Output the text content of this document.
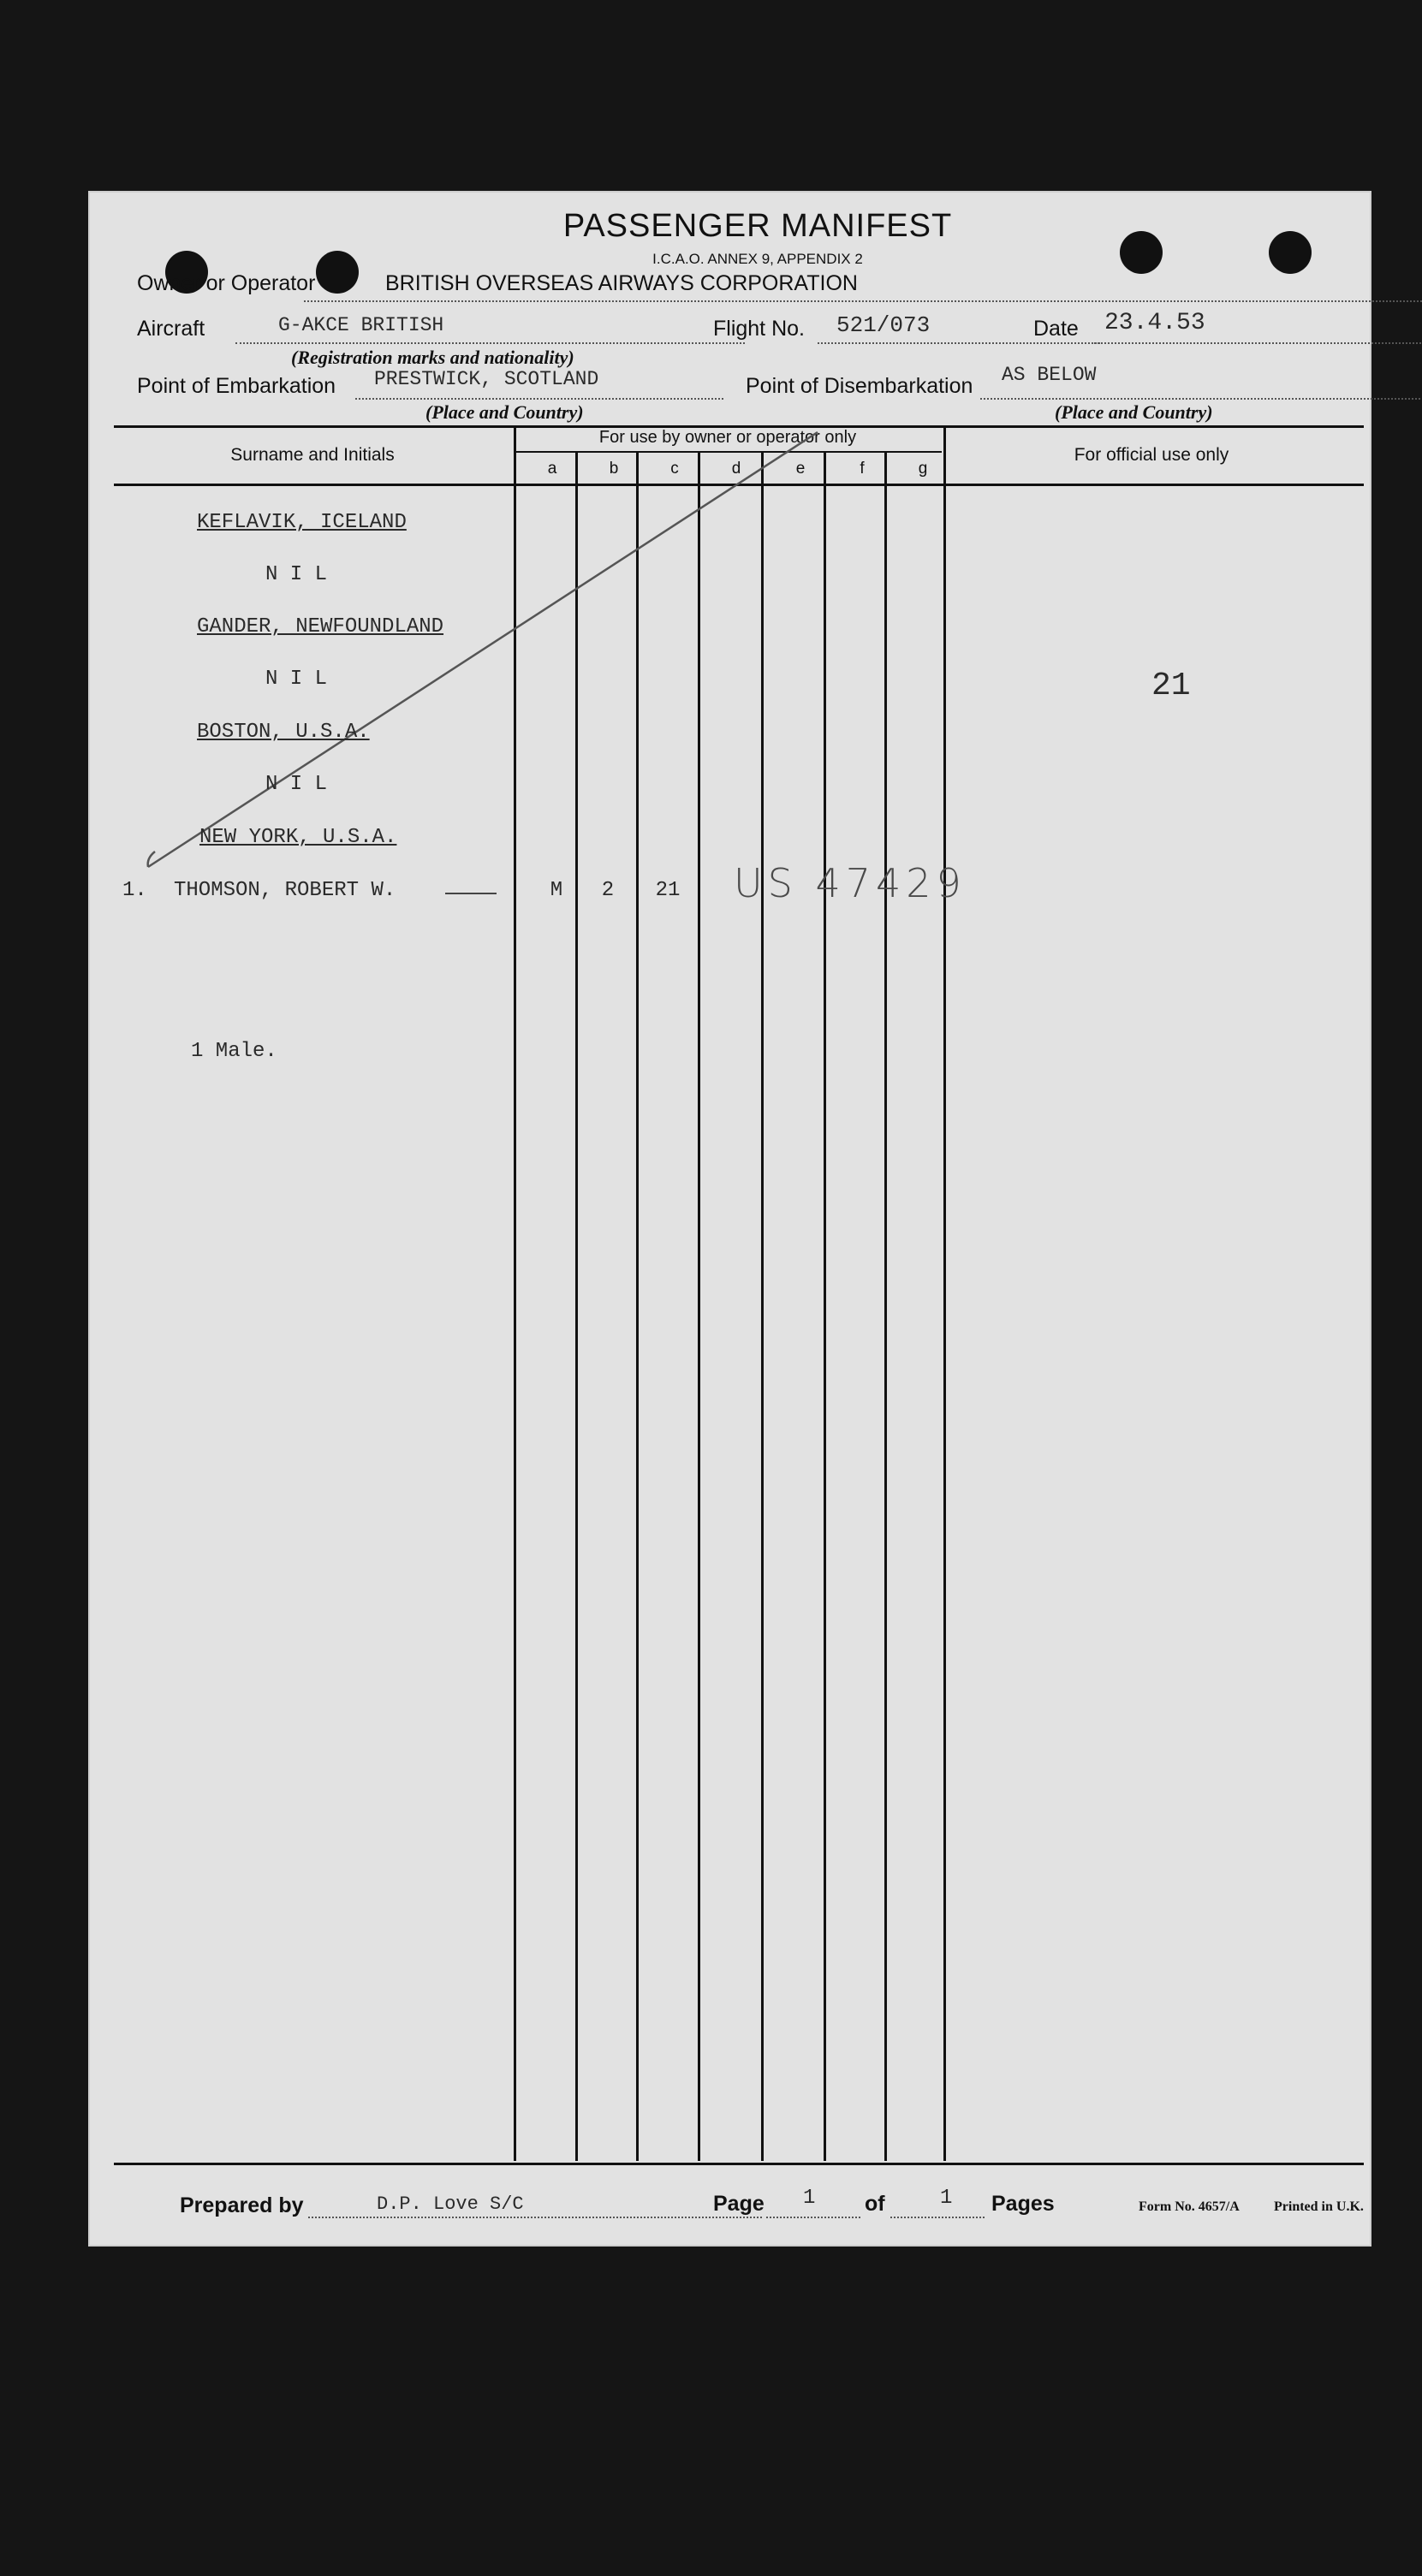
PASSENGER MANIFEST
I.C.A.O. ANNEX 9, APPENDIX 2
Owner or Operator	BRITISH OVERSEAS AIRWAYS CORPORATION
Aircraft	G-AKCE BRITISH	Flight No. 521/073	Date 23.4.53
(Registration marks and nationality)
Point of Embarkation PRESTWICK, SCOTLAND	Point of Disembarkation AS BELOW
(Place and Country)	(Place and Country)
Surname and Initials
For use by owner or operator only
For official use only
a	b	c	d	e	f	g
KEFLAVIK, ICELAND
N I L
GANDER, NEWFOUNDLAND
N I L
BOSTON, U.S.A.
N I L
NEW YORK, U.S.A.
1. THOMSON, ROBERT W.	M	2	21 US 47429
21
1 Male.
Prepared by	D.P. Love S/C	Page 1 of	1 Pages	Form No. 4657/A	Printed in U.K.
